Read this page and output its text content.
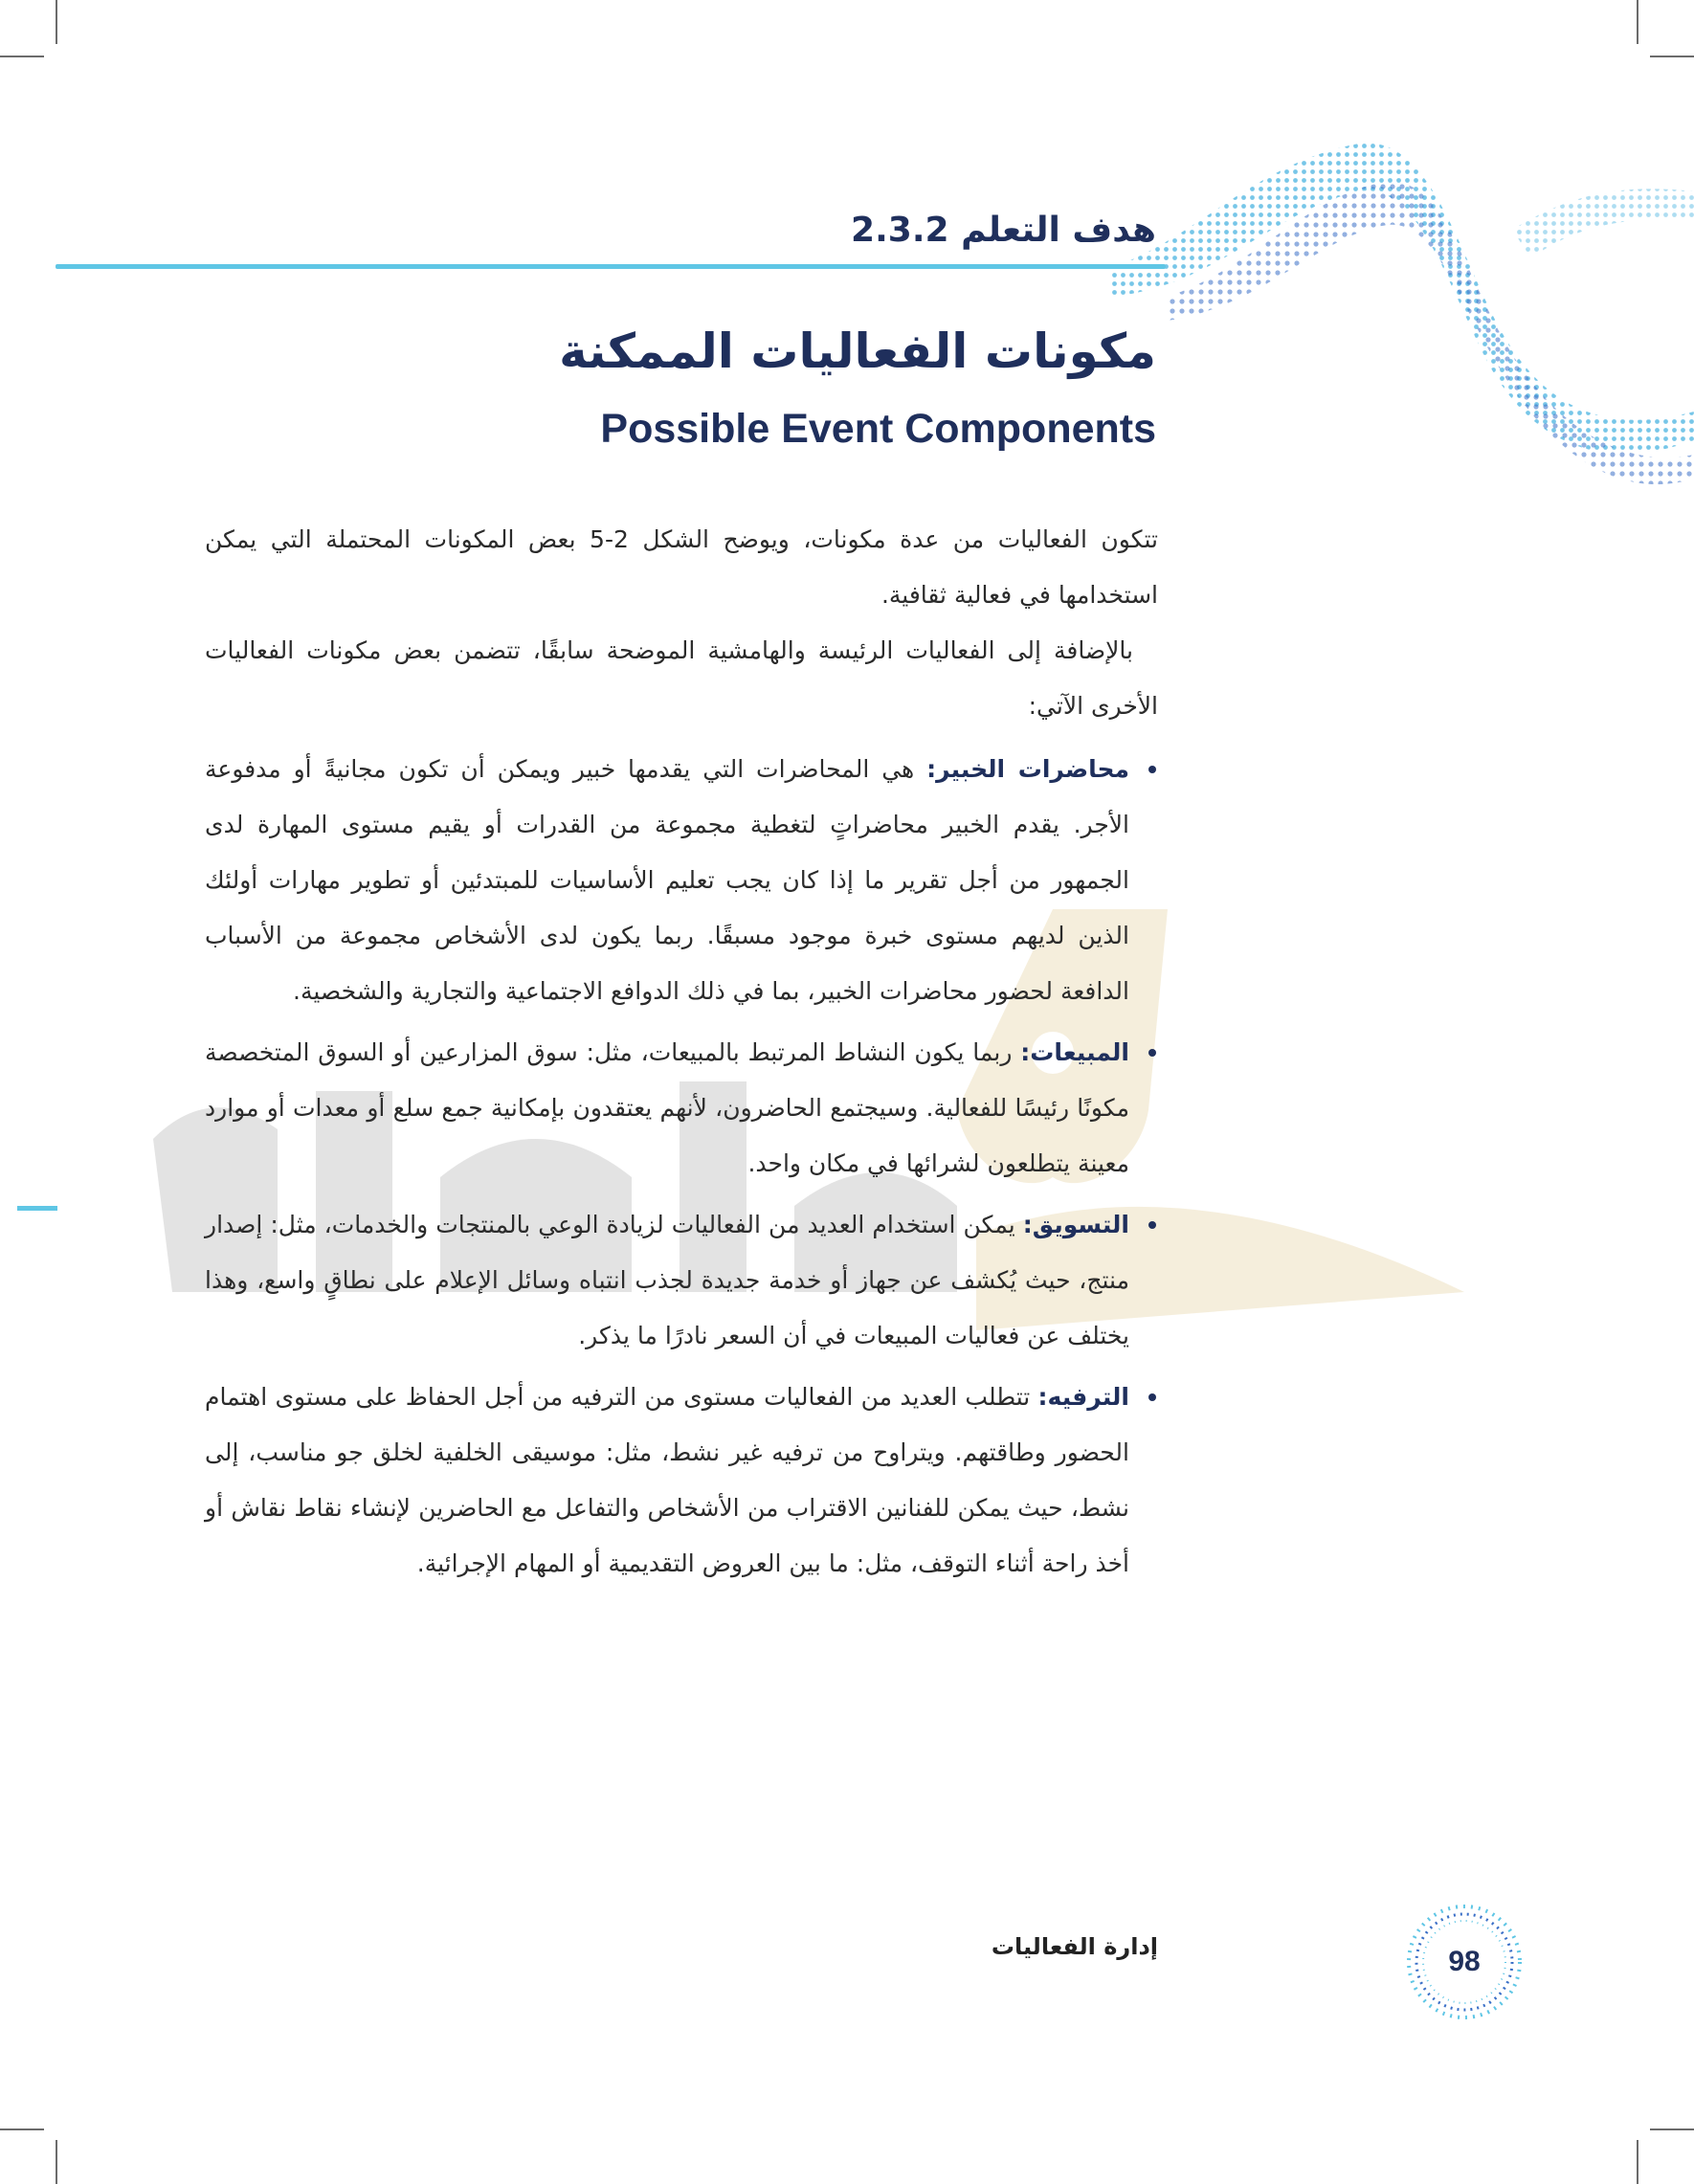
هدف التعلم 2.3.2
مكونات الفعاليات الممكنة
Possible Event Components

تتكون الفعاليات من عدة مكونات، ويوضح الشكل 2-5 بعض المكونات المحتملة التي يمكن استخدامها في فعالية ثقافية.

بالإضافة إلى الفعاليات الرئيسة والهامشية الموضحة سابقًا، تتضمن بعض مكونات الفعاليات الأخرى الآتي:

محاضرات الخبير: هي المحاضرات التي يقدمها خبير ويمكن أن تكون مجانيةً أو مدفوعة الأجر. يقدم الخبير محاضراتٍ لتغطية مجموعة من القدرات أو يقيم مستوى المهارة لدى الجمهور من أجل تقرير ما إذا كان يجب تعليم الأساسيات للمبتدئين أو تطوير مهارات أولئك الذين لديهم مستوى خبرة موجود مسبقًا. ربما يكون لدى الأشخاص مجموعة من الأسباب الدافعة لحضور محاضرات الخبير، بما في ذلك الدوافع الاجتماعية والتجارية والشخصية.
المبيعات: ربما يكون النشاط المرتبط بالمبيعات، مثل: سوق المزارعين أو السوق المتخصصة مكونًا رئيسًا للفعالية. وسيجتمع الحاضرون، لأنهم يعتقدون بإمكانية جمع سلع أو معدات أو موارد معينة يتطلعون لشرائها في مكان واحد.
التسويق: يمكن استخدام العديد من الفعاليات لزيادة الوعي بالمنتجات والخدمات، مثل: إصدار منتج، حيث يُكشف عن جهاز أو خدمة جديدة لجذب انتباه وسائل الإعلام على نطاقٍ واسع، وهذا يختلف عن فعاليات المبيعات في أن السعر نادرًا ما يذكر.
الترفيه: تتطلب العديد من الفعاليات مستوى من الترفيه من أجل الحفاظ على مستوى اهتمام الحضور وطاقتهم. ويتراوح من ترفيه غير نشط، مثل: موسيقى الخلفية لخلق جو مناسب، إلى نشط، حيث يمكن للفنانين الاقتراب من الأشخاص والتفاعل مع الحاضرين لإنشاء نقاط نقاش أو أخذ راحة أثناء التوقف، مثل: ما بين العروض التقديمية أو المهام الإجرائية.
إدارة الفعاليات	98
